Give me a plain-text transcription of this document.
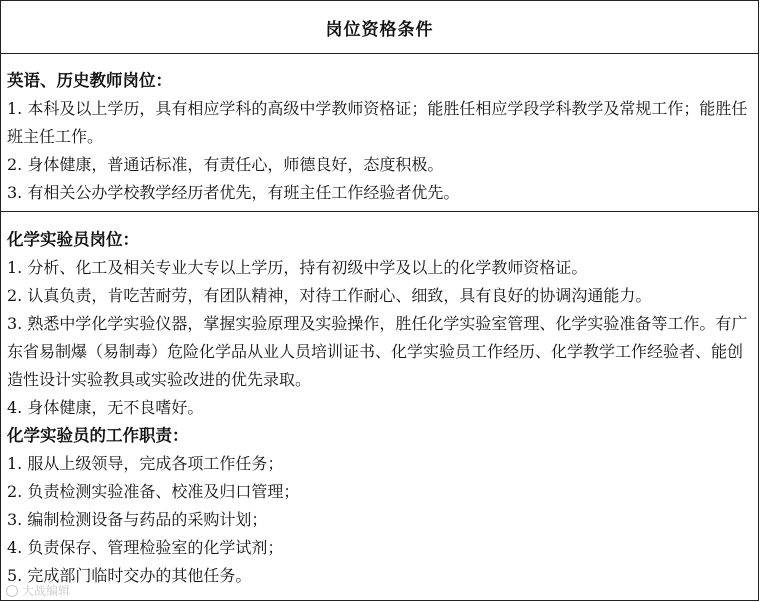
岗位资格条件
英语、历史教师岗位：

1. 本科及以上学历，具有相应学科的高级中学教师资格证；能胜任相应学段学科教学及常规工作；能胜任班主任工作。

2. 身体健康，普通话标准，有责任心，师德良好，态度积极。

3. 有相关公办学校教学经历者优先，有班主任工作经验者优先。

化学实验员岗位：

1. 分析、化工及相关专业大专以上学历，持有初级中学及以上的化学教师资格证。

2. 认真负责，肯吃苦耐劳，有团队精神，对待工作耐心、细致，具有良好的协调沟通能力。

3. 熟悉中学化学实验仪器，掌握实验原理及实验操作，胜任化学实验室管理、化学实验准备等工作。有广东省易制爆（易制毒）危险化学品从业人员培训证书、化学实验员工作经历、化学教学工作经验者、能创造性设计实验教具或实验改进的优先录取。

4. 身体健康，无不良嗜好。

化学实验员的工作职责：

1. 服从上级领导，完成各项工作任务；

2. 负责检测实验准备、校准及归口管理；

3. 编制检测设备与药品的采购计划；

4. 负责保存、管理检验室的化学试剂；

5. 完成部门临时交办的其他任务。

大战编辑
